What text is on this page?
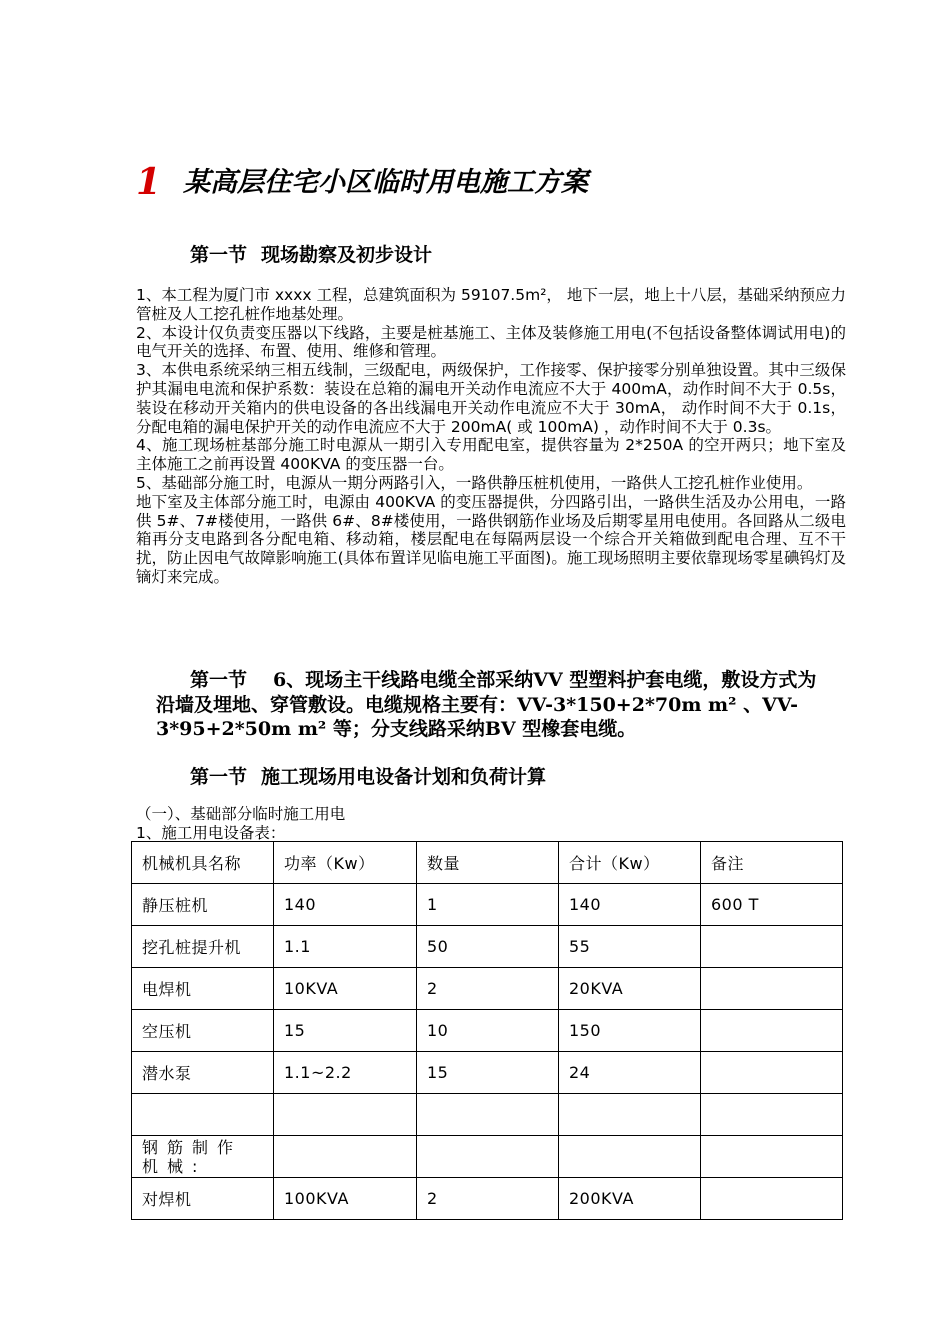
1 某高层住宅小区临时用电施工方案
第一节 现场勘察及初步设计

1、本工程为厦门市 xxxx 工程，总建筑面积为 59107.5m²， 地下一层，地上十八层，基础采纳预应力管桩及人工挖孔桩作地基处理。

2、本设计仅负责变压器以下线路，主要是桩基施工、主体及装修施工用电(不包括设备整体调试用电)的电气开关的选择、布置、使用、维修和管理。

3、本供电系统采纳三相五线制，三级配电，两级保护，工作接零、保护接零分别单独设置。其中三级保护其漏电电流和保护系数：装设在总箱的漏电开关动作电流应不大于 400mA，动作时间不大于 0.5s，装设在移动开关箱内的供电设备的各出线漏电开关动作电流应不大于 30mA， 动作时间不大于 0.1s， 分配电箱的漏电保护开关的动作电流应不大于 200mA( 或 100mA) ，动作时间不大于 0.3s。

4、施工现场桩基部分施工时电源从一期引入专用配电室，提供容量为 2*250A 的空开两只；地下室及主体施工之前再设置 400KVA 的变压器一台。

5、基础部分施工时，电源从一期分两路引入，一路供静压桩机使用，一路供人工挖孔桩作业使用。

地下室及主体部分施工时，电源由 400KVA 的变压器提供，分四路引出，一路供生活及办公用电，一路供 5#、7#楼使用，一路供 6#、8#楼使用，一路供钢筋作业场及后期零星用电使用。各回路从二级电箱再分支电路到各分配电箱、移动箱，楼层配电在每隔两层设一个综合开关箱做到配电合理、互不干扰，防止因电气故障影响施工(具体布置详见临电施工平面图)。施工现场照明主要依靠现场零星碘钨灯及镝灯来完成。

第一节 6、现场主干线路电缆全部采纳VV 型塑料护套电缆，敷设方式为沿墙及埋地、穿管敷设。电缆规格主要有：VV-3*150+2*70m m² 、VV-3*95+2*50m m² 等；分支线路采纳BV 型橡套电缆。
第一节 施工现场用电设备计划和负荷计算
（一）、基础部分临时施工用电
1、施工用电设备表：
机械机具名称	功率（Kw）	数量	合计（Kw）	备注
静压桩机	140	1	140	600 T
挖孔桩提升机	1.1	50	55	
电焊机	10KVA	2	20KVA	
空压机	15	10	150	
潜水泵	1.1~2.2	15	24	

钢筋制作机械:				
对焊机	100KVA	2	200KVA	
